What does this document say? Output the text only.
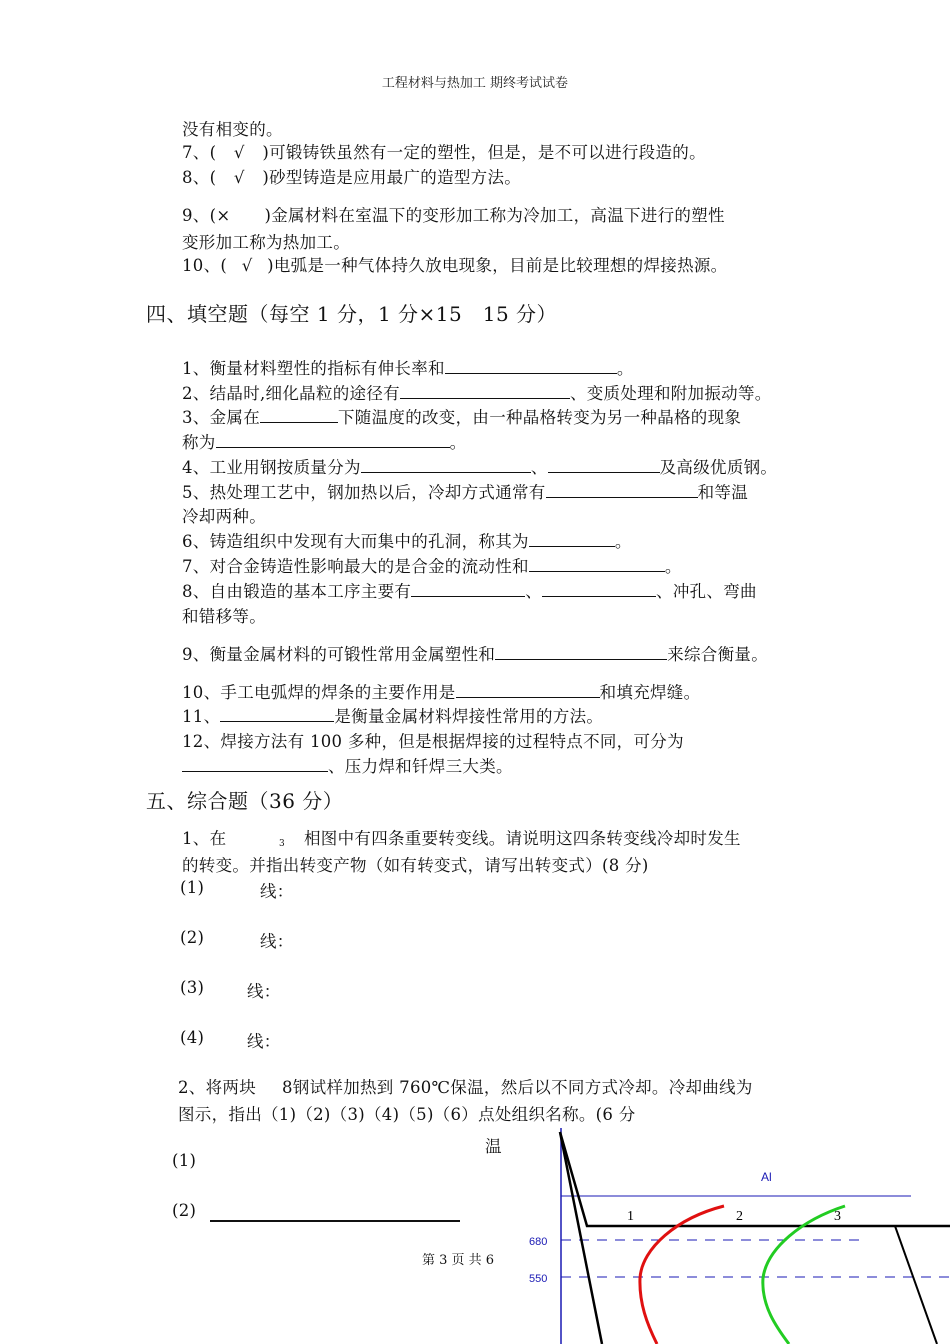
工程材料与热加工 期终考试试卷
没有相变的。
7、( √ )可锻铸铁虽然有一定的塑性，但是，是不可以进行段造的。
8、( √ )砂型铸造是应用最广的造型方法。
9、(× )金属材料在室温下的变形加工称为冷加工，高温下进行的塑性
变形加工称为热加工。
10、( √ )电弧是一种气体持久放电现象，目前是比较理想的焊接热源。
四、填空题（每空 1 分，1 分×15　15 分）
1、衡量材料塑性的指标有伸长率和	。
2、结晶时,细化晶粒的途径有	、变质处理和附加振动等。
3、金属在	下随温度的改变，由一种晶格转变为另一种晶格的现象
称为	。
4、工业用钢按质量分为	、	及高级优质钢。
5、热处理工艺中，钢加热以后，冷却方式通常有	和等温
冷却两种。
6、铸造组织中发现有大而集中的孔洞，称其为	。
7、对合金铸造性影响最大的是合金的流动性和	。
8、自由锻造的基本工序主要有	、	、冲孔、弯曲
和错移等。
9、衡量金属材料的可锻性常用金属塑性和	来综合衡量。
10、手工电弧焊的焊条的主要作用是	和填充焊缝。
11、	是衡量金属材料焊接性常用的方法。
12、焊接方法有 100 多种，但是根据焊接的过程特点不同，可分为
、压力焊和钎焊三大类。
五、综合题（36 分）
1、在	3 相图中有四条重要转变线。请说明这四条转变线冷却时发生
的转变。并指出转变产物（如有转变式，请写出转变式）(8 分)
(1)	线：
(2)	线：
(3)	线：
(4)	线：
2、将两块 8钢试样加热到 760℃保温，然后以不同方式冷却。冷却曲线为
图示，指出（1)（2)（3)（4)（5)（6）点处组织名称。(6 分
(1)
(2)
温
第 3 页 共 6
Al
680
550
1	2	3
